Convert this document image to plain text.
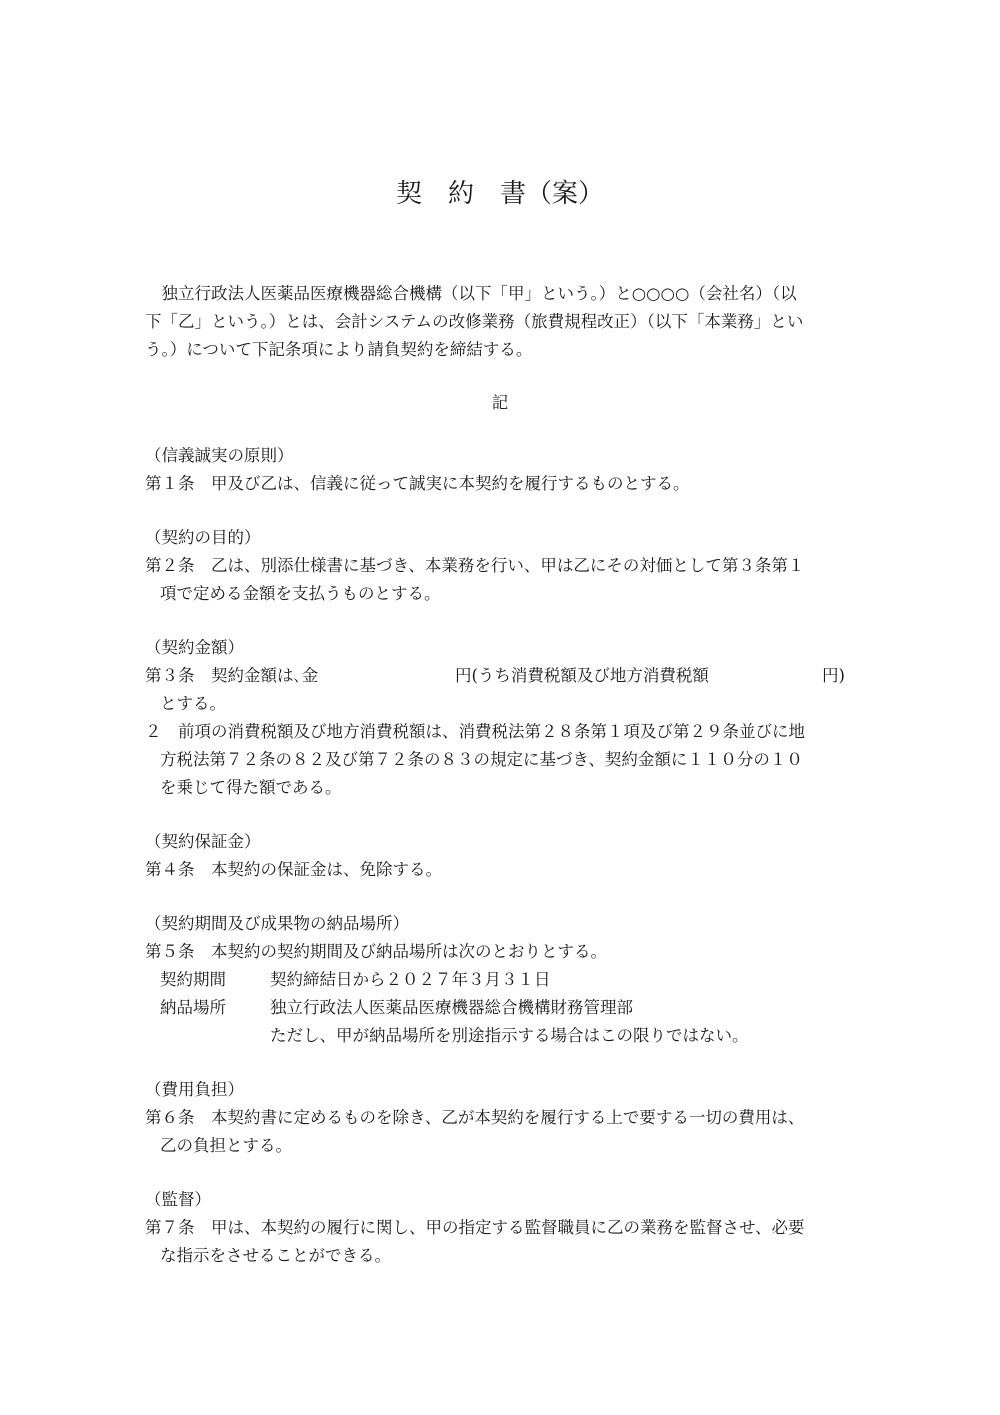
契　約　書（案）
　独立行政法人医薬品医療機器総合機構（以下「甲」という。）と○○○○（会社名）（以
下「乙」という。）とは、会計システムの改修業務（旅費規程改正）（以下「本業務」とい
う。）について下記条項により請負契約を締結する。
記
（信義誠実の原則）
第１条　甲及び乙は、信義に従って誠実に本契約を履行するものとする。
（契約の目的）
第２条　乙は、別添仕様書に基づき、本業務を行い、甲は乙にその対価として第３条第１
項で定める金額を支払うものとする。
（契約金額）
第３条　契約金額は､金	円(うち消費税額及び地方消費税額	円)
とする。
２　前項の消費税額及び地方消費税額は、消費税法第２８条第１項及び第２９条並びに地
方税法第７２条の８２及び第７２条の８３の規定に基づき、契約金額に１１０分の１０
を乗じて得た額である。
（契約保証金）
第４条　本契約の保証金は、免除する。
（契約期間及び成果物の納品場所）
第５条　本契約の契約期間及び納品場所は次のとおりとする。
契約期間	契約締結日から２０２７年３月３１日
納品場所	独立行政法人医薬品医療機器総合機構財務管理部
ただし、甲が納品場所を別途指示する場合はこの限りではない。
（費用負担）
第６条　本契約書に定めるものを除き、乙が本契約を履行する上で要する一切の費用は、
乙の負担とする。
（監督）
第７条　甲は、本契約の履行に関し、甲の指定する監督職員に乙の業務を監督させ、必要
な指示をさせることができる。
